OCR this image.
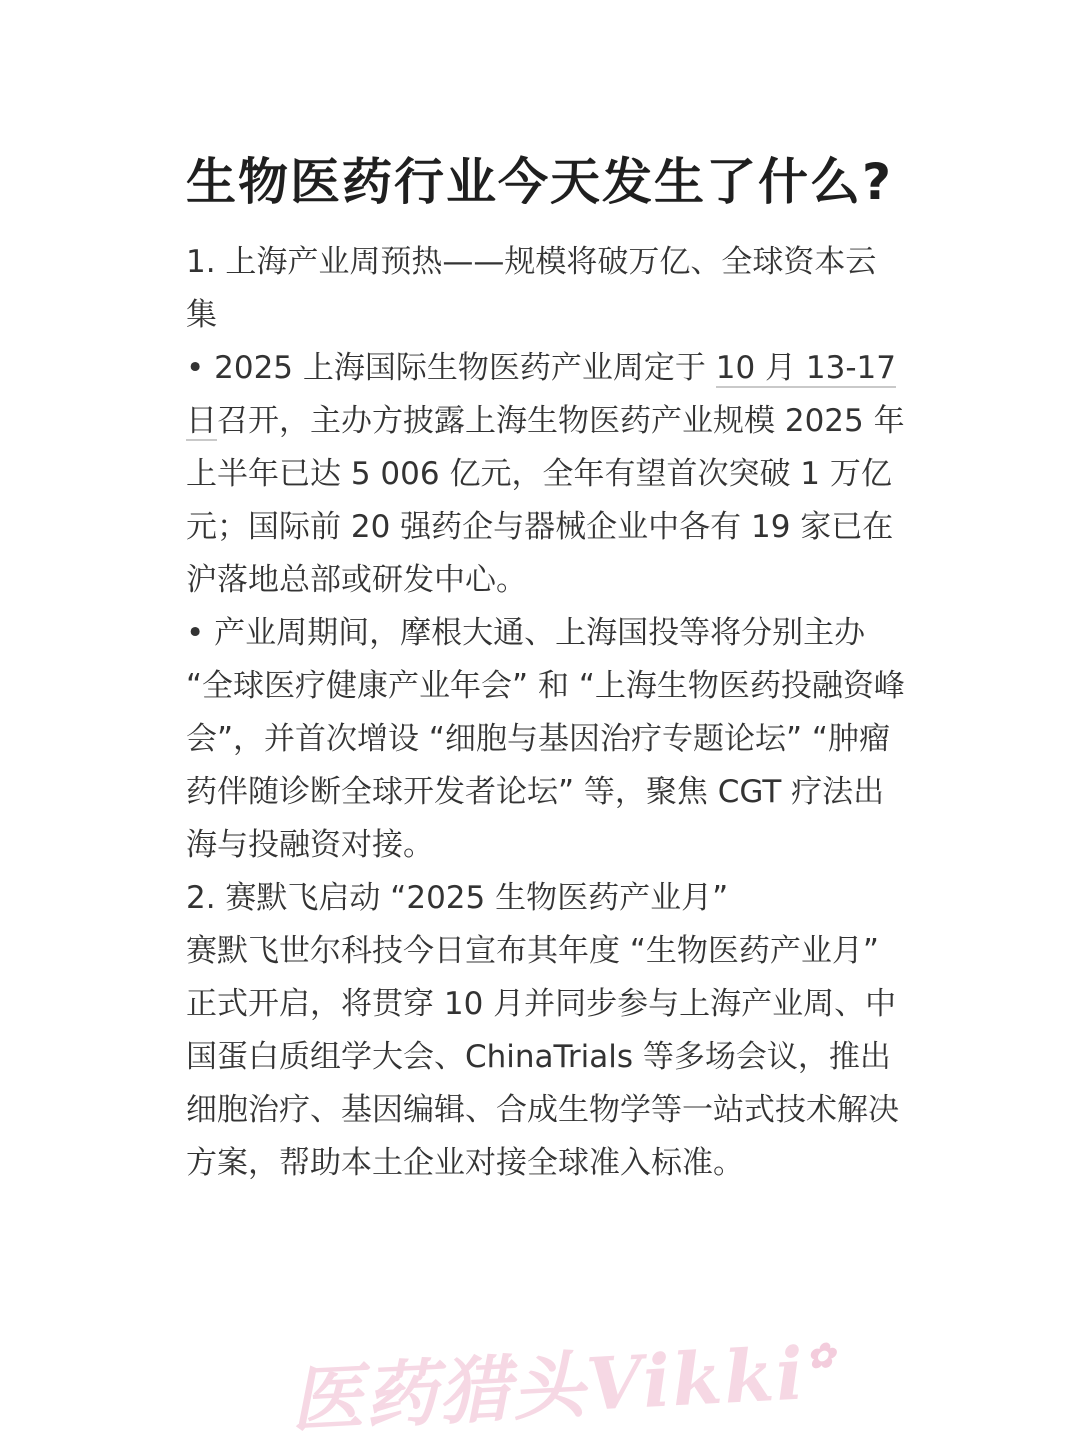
生物医药行业今天发生了什么?

1. 上海产业周预热——规模将破万亿、全球资本云集

• 2025 上海国际生物医药产业周定于 10 月 13-17 日召开，主办方披露上海生物医药产业规模 2025 年上半年已达 5 006 亿元，全年有望首次突破 1 万亿元；国际前 20 强药企与器械企业中各有 19 家已在沪落地总部或研发中心。

• 产业周期间，摩根大通、上海国投等将分别主办 “全球医疗健康产业年会” 和 “上海生物医药投融资峰会”，并首次增设 “细胞与基因治疗专题论坛” “肿瘤药伴随诊断全球开发者论坛” 等，聚焦 CGT 疗法出海与投融资对接。

2. 赛默飞启动 “2025 生物医药产业月”

赛默飞世尔科技今日宣布其年度 “生物医药产业月” 正式开启，将贯穿 10 月并同步参与上海产业周、中国蛋白质组学大会、ChinaTrials 等多场会议，推出细胞治疗、基因编辑、合成生物学等一站式技术解决方案，帮助本土企业对接全球准入标准。

医药猎头Vikki✿
